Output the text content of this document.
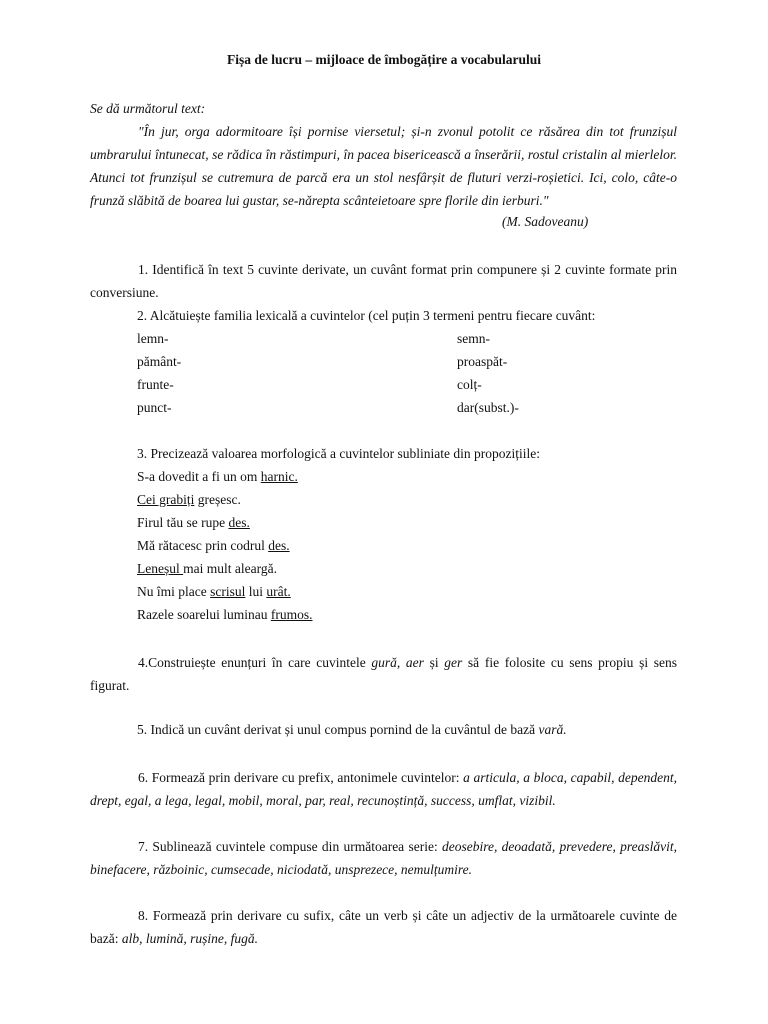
Fișa de lucru – mijloace de îmbogățire a vocabularului
Se dă următorul text:
"În jur, orga adormitoare își pornise viersetul; și-n zvonul potolit ce răsărea din tot frunzișul umbrarului întunecat, se rădica în răstimpuri, în pacea bisericească a înserării, rostul cristalin al mierlelor. Atunci tot frunzișul se cutremura de parcă era un stol nesfârșit de fluturi verzi-roșietici. Ici, colo, câte-o frunză slăbită de boarea lui gustar, se-nărepta scânteietoare spre florile din ierburi."
(M. Sadoveanu)
1. Identifică în text 5 cuvinte derivate, un cuvânt format prin compunere și 2 cuvinte formate prin conversiune.
2. Alcătuiește familia lexicală a cuvintelor (cel puțin 3 termeni pentru fiecare cuvânt:
lemn-
pământ-
frunte-
punct-
semn-
proaspăt-
colț-
dar(subst.)-
3. Precizează valoarea morfologică a cuvintelor subliniate din propozițiile:
S-a dovedit a fi un om harnic.
Cei grabiți greșesc.
Firul tău se rupe des.
Mă rătacesc prin codrul des.
Leneșul mai mult aleargă.
Nu îmi place scrisul lui urât.
Razele soarelui luminau frumos.
4.Construiește enunțuri în care cuvintele gură, aer și ger să fie folosite cu sens propiu și sens figurat.
5. Indică un cuvânt derivat și unul compus pornind de la cuvântul de bază vară.
6. Formează prin derivare cu prefix, antonimele cuvintelor: a articula, a bloca, capabil, dependent, drept, egal, a lega, legal, mobil, moral, par, real, recunoștință, success, umflat, vizibil.
7. Sublinează cuvintele compuse din următoarea serie: deosebire, deoadată, prevedere, preaslăvit, binefacere, războinic, cumsecade, niciodată, unsprezece, nemulțumire.
8. Formează prin derivare cu sufix, câte un verb și câte un adjectiv de la următoarele cuvinte de bază: alb, lumină, rușine, fugă.
